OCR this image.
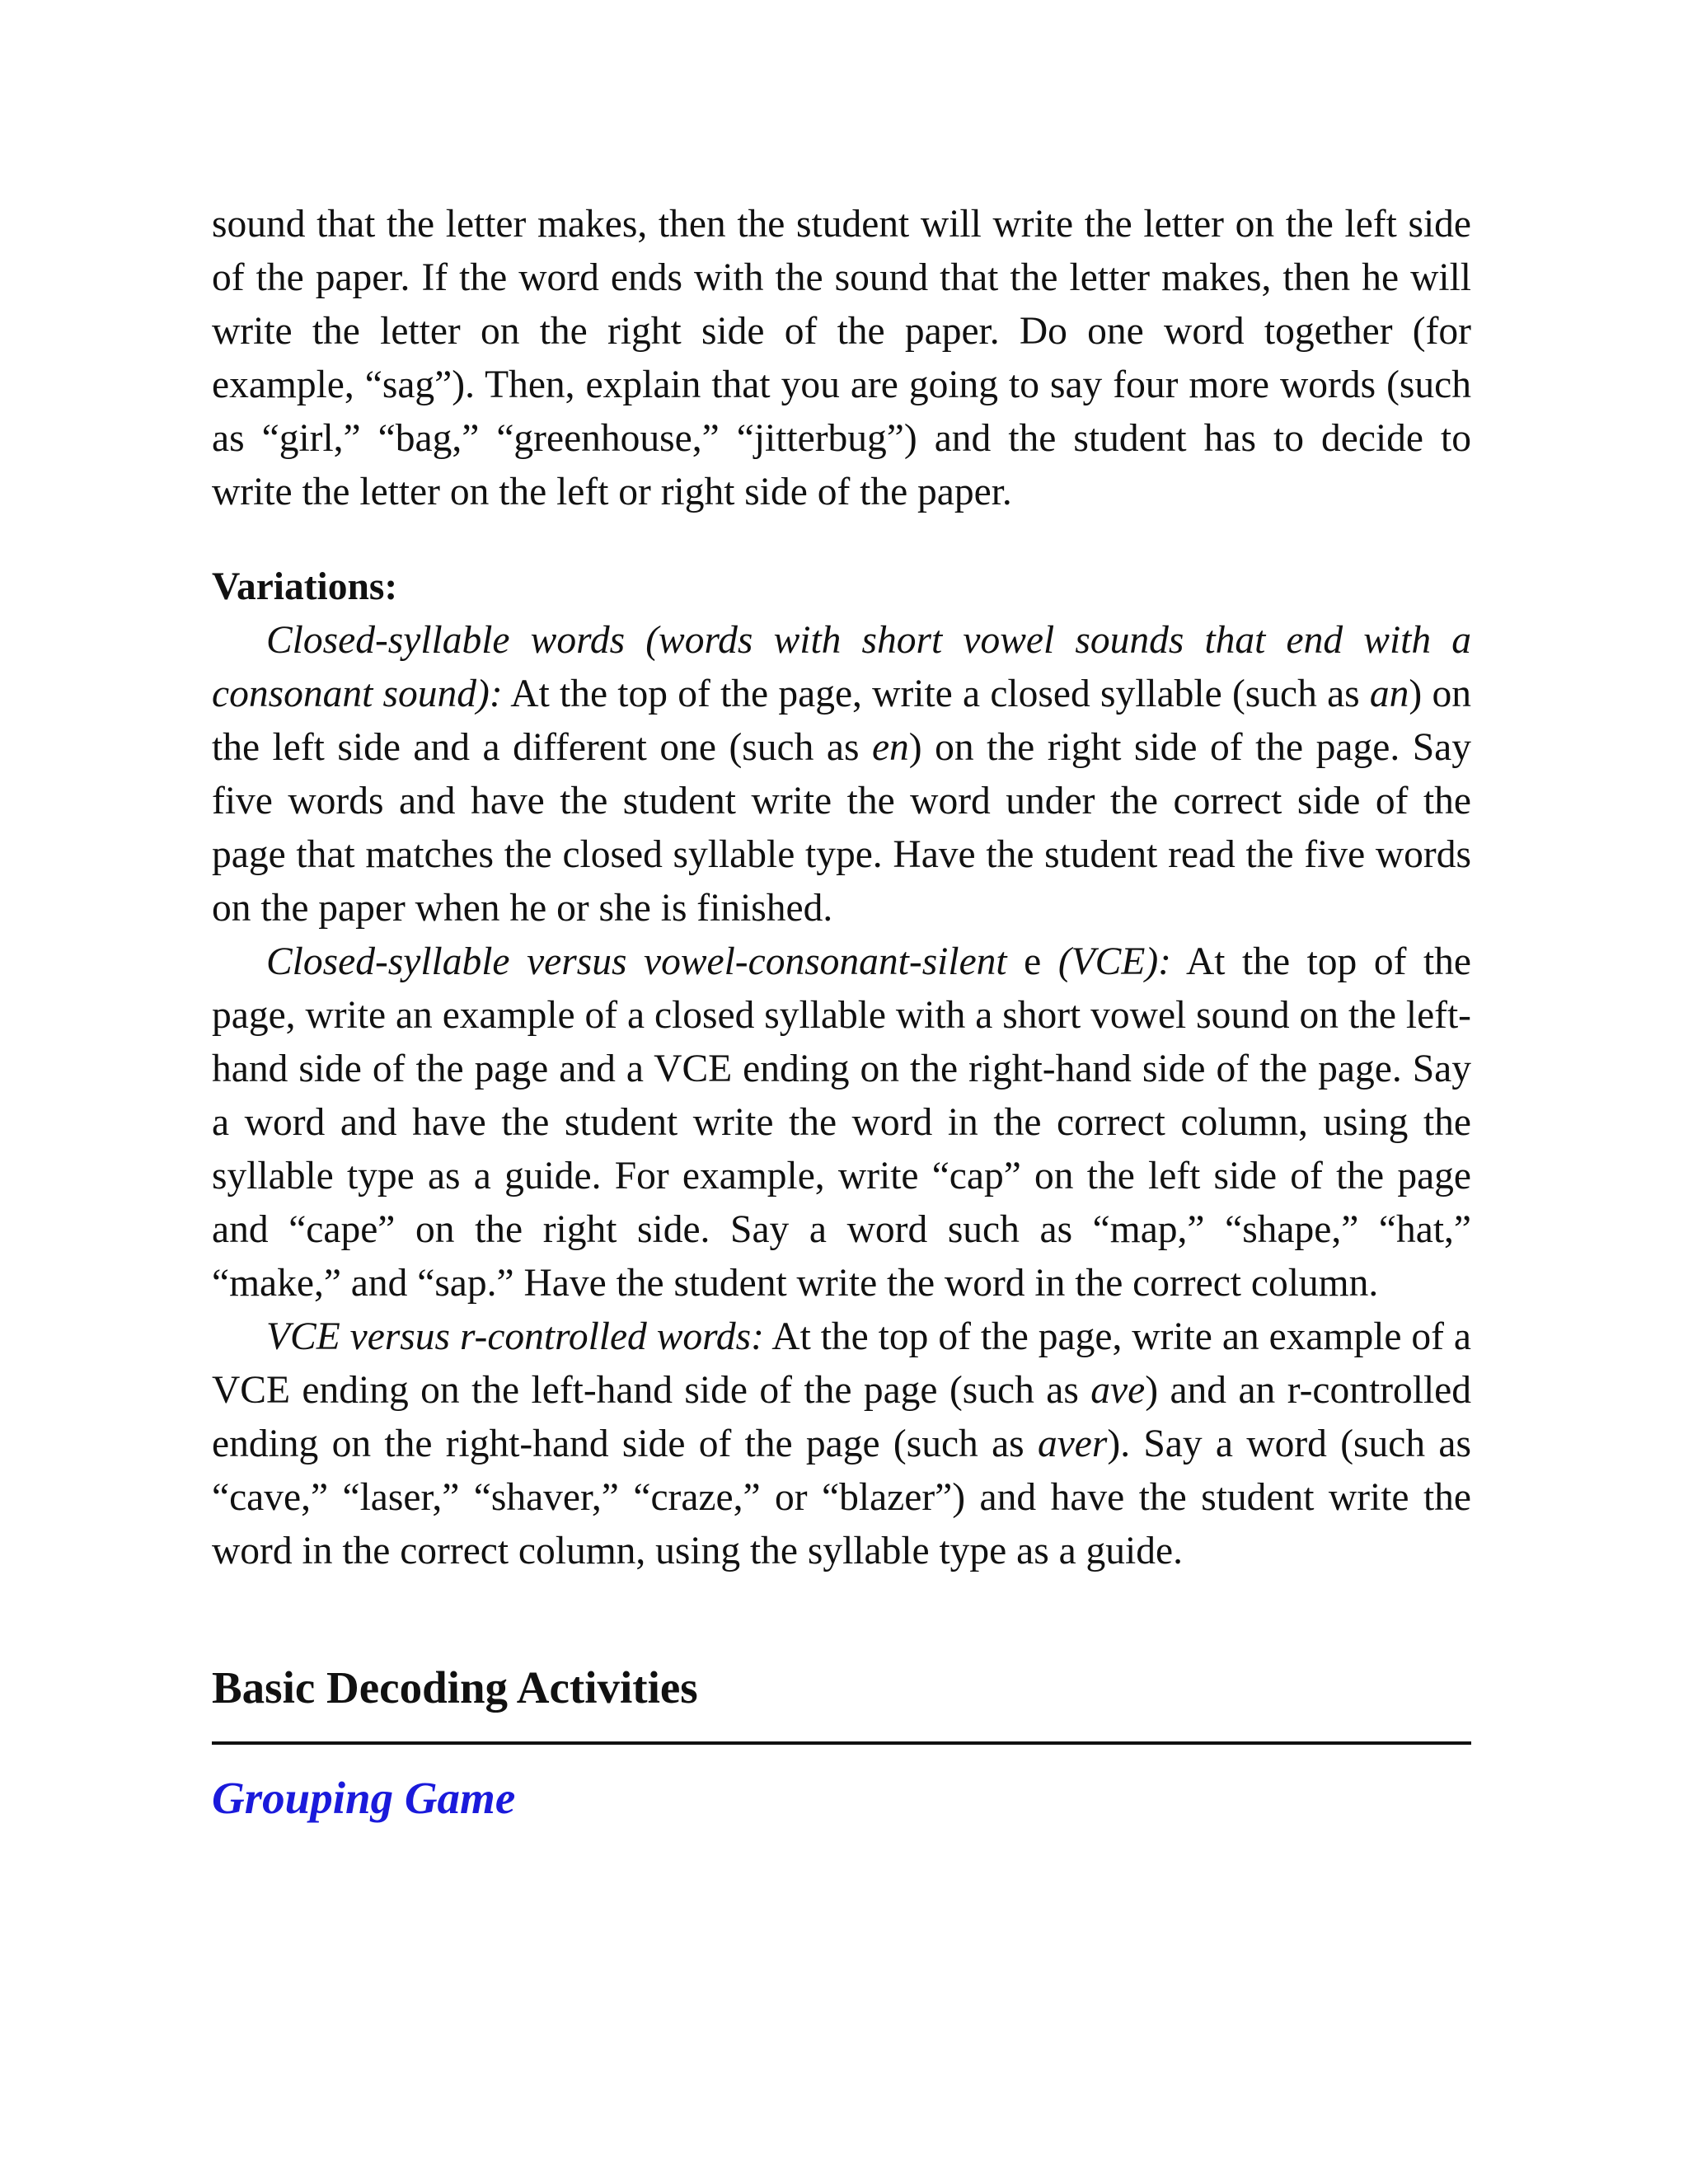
sound that the letter makes, then the student will write the letter on the left side of the paper. If the word ends with the sound that the letter makes, then he will write the letter on the right side of the paper. Do one word together (for example, “sag”). Then, explain that you are going to say four more words (such as “girl,” “bag,” “greenhouse,” “jitterbug”) and the student has to decide to write the letter on the left or right side of the paper.

Variations:

Closed-syllable words (words with short vowel sounds that end with a consonant sound): At the top of the page, write a closed syllable (such as an) on the left side and a different one (such as en) on the right side of the page. Say five words and have the student write the word under the correct side of the page that matches the closed syllable type. Have the student read the five words on the paper when he or she is finished.

Closed-syllable versus vowel-consonant-silent e (VCE): At the top of the page, write an example of a closed syllable with a short vowel sound on the left-hand side of the page and a VCE ending on the right-hand side of the page. Say a word and have the student write the word in the correct column, using the syllable type as a guide. For example, write “cap” on the left side of the page and “cape” on the right side. Say a word such as “map,” “shape,” “hat,” “make,” and “sap.” Have the student write the word in the correct column.

VCE versus r-controlled words: At the top of the page, write an example of a VCE ending on the left-hand side of the page (such as ave) and an r-controlled ending on the right-hand side of the page (such as aver). Say a word (such as “cave,” “laser,” “shaver,” “craze,” or “blazer”) and have the student write the word in the correct column, using the syllable type as a guide.

Basic Decoding Activities
Grouping Game
